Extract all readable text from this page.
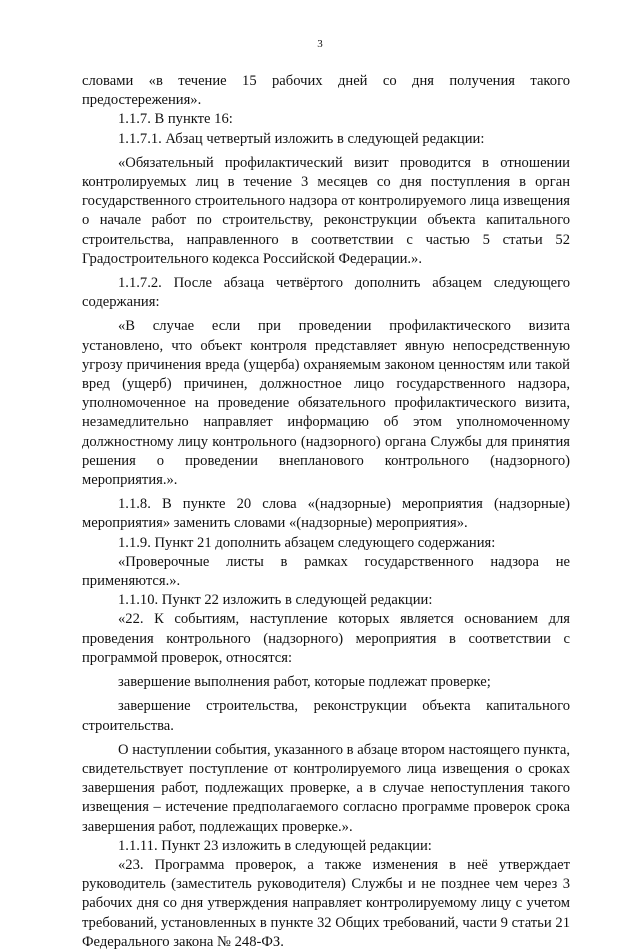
3

словами «в течение 15 рабочих дней со дня получения такого предостережения».

1.1.7. В пункте 16:

1.1.7.1. Абзац четвертый изложить в следующей редакции:

«Обязательный профилактический визит проводится в отношении контролируемых лиц в течение 3 месяцев со дня поступления в орган государственного строительного надзора от контролируемого лица извещения о начале работ по строительству, реконструкции объекта капитального строительства, направленного в соответствии с частью 5 статьи 52 Градостроительного кодекса Российской Федерации.».

1.1.7.2. После абзаца четвёртого дополнить абзацем следующего содержания:

«В случае если при проведении профилактического визита установлено, что объект контроля представляет явную непосредственную угрозу причинения вреда (ущерба) охраняемым законом ценностям или такой вред (ущерб) причинен, должностное лицо государственного надзора, уполномоченное на проведение обязательного профилактического визита, незамедлительно направляет информацию об этом уполномоченному должностному лицу контрольного (надзорного) органа Службы для принятия решения о проведении внепланового контрольного (надзорного) мероприятия.».

1.1.8. В пункте 20 слова «(надзорные) мероприятия (надзорные) мероприятия» заменить словами «(надзорные) мероприятия».

1.1.9. Пункт 21 дополнить абзацем следующего содержания:

«Проверочные листы в рамках государственного надзора не применяются.».

1.1.10. Пункт 22 изложить в следующей редакции:

«22. К событиям, наступление которых является основанием для проведения контрольного (надзорного) мероприятия в соответствии с программой проверок, относятся:

завершение выполнения работ, которые подлежат проверке;

завершение строительства, реконструкции объекта капитального строительства.

О наступлении события, указанного в абзаце втором настоящего пункта, свидетельствует поступление от контролируемого лица извещения о сроках завершения работ, подлежащих проверке, а в случае непоступления такого извещения – истечение предполагаемого согласно программе проверок срока завершения работ, подлежащих проверке.».

1.1.11. Пункт 23 изложить в следующей редакции:

«23. Программа проверок, а также изменения в неё утверждает руководитель (заместитель руководителя) Службы и не позднее чем через 3 рабочих дня со дня утверждения направляет контролируемому лицу с учетом требований, установленных в пункте 32 Общих требований, части 9 статьи 21 Федерального закона № 248-ФЗ.
